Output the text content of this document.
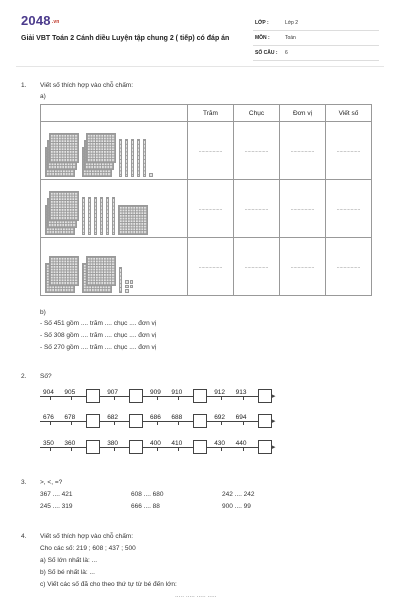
2048.vn
Giải VBT Toán 2 Cánh diều Luyện tập chung 2 ( tiếp) có đáp án
LỚP :	Lớp 2
MÔN :	Toán
SỐ CÂU : 6
1. Viết số thích hợp vào chỗ chấm:
a)
	Trăm	Chục	Đơn vị	Viết số

	.................	.................	.................	.................

	.................	.................	.................	.................

	.................	.................	.................	.................
b)
- Số 451 gồm .... trăm .... chục .... đơn vị
- Số 308 gồm .... trăm .... chục .... đơn vị
- Số 270 gồm .... trăm .... chục .... đơn vị
2. Số?
▸
904 905	907	909 910	912 913
▸
676 678	682	686 688	692 694
▸
350 360	380	400 410	430 440
3. >, <, =?
367 .... 421	608 .... 680	242 .... 242
245 .... 319	666 .... 88	900 .... 99
4. Viết số thích hợp vào chỗ chấm:
Cho các số: 219 ; 608 ; 437 ; 500
a) Số lớn nhất là: ...
b) Số bé nhất là: ...
c) Viết các số đã cho theo thứ tự từ bé đến lớn:
..... ..... ..... .....
